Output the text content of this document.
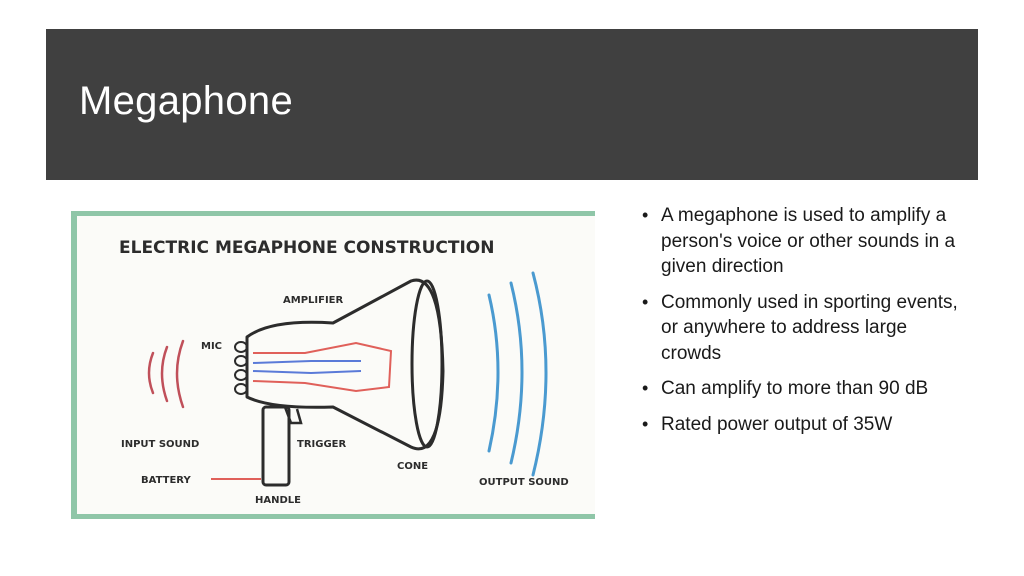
Megaphone
ELECTRIC MEGAPHONE CONSTRUCTION
AMPLIFIER
MIC
INPUT SOUND	TRIGGER
BATTERY
HANDLE
CONE
OUTPUT SOUND
• A megaphone is used to amplify a person's voice or other sounds in a given direction
• Commonly used in sporting events, or anywhere to address large crowds
• Can amplify to more than 90 dB
• Rated power output of 35W
